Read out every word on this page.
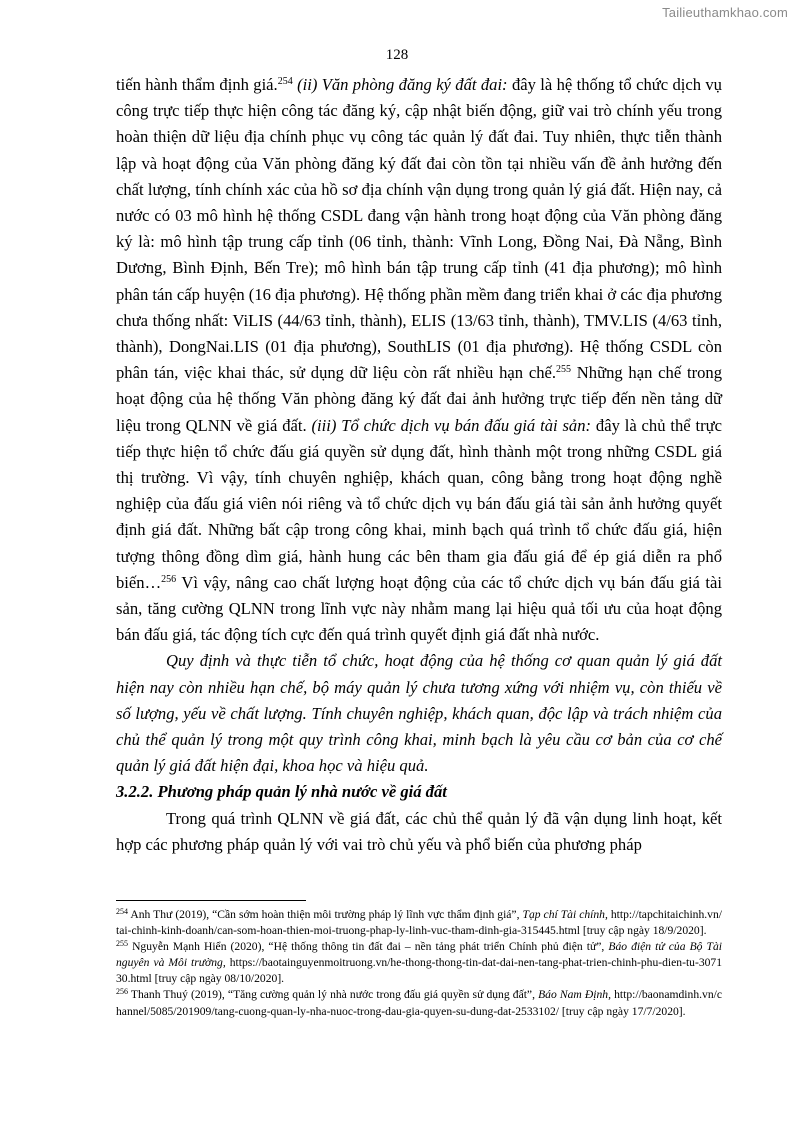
Tailieuthamkhao.com
128

tiến hành thẩm định giá.$^{254}$ (ii) Văn phòng đăng ký đất đai: đây là hệ thống tổ chức dịch vụ công trực tiếp thực hiện công tác đăng ký, cập nhật biến động, giữ vai trò chính yếu trong hoàn thiện dữ liệu địa chính phục vụ công tác quản lý đất đai. Tuy nhiên, thực tiễn thành lập và hoạt động của Văn phòng đăng ký đất đai còn tồn tại nhiều vấn đề ảnh hưởng đến chất lượng, tính chính xác của hồ sơ địa chính vận dụng trong quản lý giá đất. Hiện nay, cả nước có 03 mô hình hệ thống CSDL đang vận hành trong hoạt động của Văn phòng đăng ký là: mô hình tập trung cấp tỉnh (06 tỉnh, thành: Vĩnh Long, Đồng Nai, Đà Nẵng, Bình Dương, Bình Định, Bến Tre); mô hình bán tập trung cấp tỉnh (41 địa phương); mô hình phân tán cấp huyện (16 địa phương). Hệ thống phần mềm đang triển khai ở các địa phương chưa thống nhất: ViLIS (44/63 tỉnh, thành), ELIS (13/63 tỉnh, thành), TMV.LIS (4/63 tỉnh, thành), DongNai.LIS (01 địa phương), SouthLIS (01 địa phương). Hệ thống CSDL còn phân tán, việc khai thác, sử dụng dữ liệu còn rất nhiều hạn chế.$^{255}$ Những hạn chế trong hoạt động của hệ thống Văn phòng đăng ký đất đai ảnh hưởng trực tiếp đến nền tảng dữ liệu trong QLNN về giá đất. (iii) Tổ chức dịch vụ bán đấu giá tài sản: đây là chủ thể trực tiếp thực hiện tổ chức đấu giá quyền sử dụng đất, hình thành một trong những CSDL giá thị trường. Vì vậy, tính chuyên nghiệp, khách quan, công bằng trong hoạt động nghề nghiệp của đấu giá viên nói riêng và tổ chức dịch vụ bán đấu giá tài sản ảnh hưởng quyết định giá đất. Những bất cập trong công khai, minh bạch quá trình tổ chức đấu giá, hiện tượng thông đồng dìm giá, hành hung các bên tham gia đấu giá để ép giá diễn ra phổ biến…$^{256}$ Vì vậy, nâng cao chất lượng hoạt động của các tổ chức dịch vụ bán đấu giá tài sản, tăng cường QLNN trong lĩnh vực này nhằm mang lại hiệu quả tối ưu của hoạt động bán đấu giá, tác động tích cực đến quá trình quyết định giá đất nhà nước.

Quy định và thực tiễn tổ chức, hoạt động của hệ thống cơ quan quản lý giá đất hiện nay còn nhiều hạn chế, bộ máy quản lý chưa tương xứng với nhiệm vụ, còn thiếu về số lượng, yếu về chất lượng. Tính chuyên nghiệp, khách quan, độc lập và trách nhiệm của chủ thể quản lý trong một quy trình công khai, minh bạch là yêu cầu cơ bản của cơ chế quản lý giá đất hiện đại, khoa học và hiệu quả.

3.2.2. Phương pháp quản lý nhà nước về giá đất

Trong quá trình QLNN về giá đất, các chủ thể quản lý đã vận dụng linh hoạt, kết hợp các phương pháp quản lý với vai trò chủ yếu và phổ biến của phương pháp

$^{254}$ Anh Thư (2019), “Cần sớm hoàn thiện môi trường pháp lý lĩnh vực thẩm định giá”, Tạp chí Tài chính, http://tapchitaichinh.vn/tai-chinh-kinh-doanh/can-som-hoan-thien-moi-truong-phap-ly-linh-vuc-tham-dinh-gia-315445.html [truy cập ngày 18/9/2020].

$^{255}$ Nguyễn Mạnh Hiển (2020), “Hệ thống thông tin đất đai – nền tảng phát triển Chính phủ điện tử”, Báo điện tử của Bộ Tài nguyên và Môi trường, https://baotainguyenmoitruong.vn/he-thong-thong-tin-dat-dai-nen-tang-phat-trien-chinh-phu-dien-tu-307130.html [truy cập ngày 08/10/2020].

$^{256}$ Thanh Thuý (2019), “Tăng cường quản lý nhà nước trong đấu giá quyền sử dụng đất”, Báo Nam Định, http://baonamdinh.vn/channel/5085/201909/tang-cuong-quan-ly-nha-nuoc-trong-dau-gia-quyen-su-dung-dat-2533102/ [truy cập ngày 17/7/2020].
